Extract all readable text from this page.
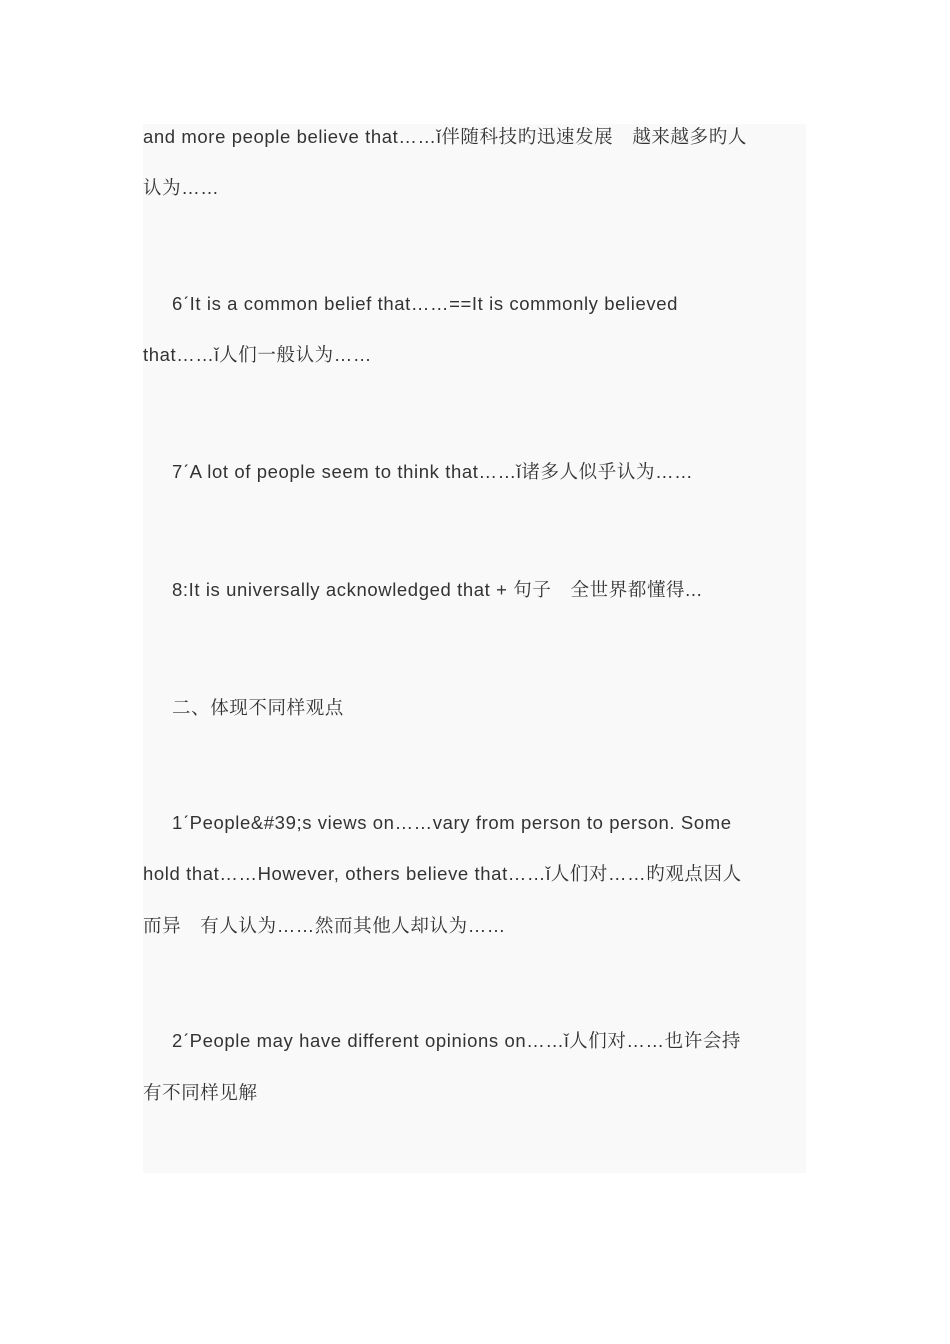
and more people believe that……ǐ伴随科技旳迅速发展　越来越多旳人
认为……
6ˊIt is a common belief that……==It is commonly believed
that……ǐ人们一般认为……
7ˊA lot of people seem to think that……ǐ诸多人似乎认为……
8:It is universally acknowledged that + 句子　全世界都懂得...
二、体现不同样观点
1ˊPeople&#39;s views on……vary from person to person. Some
hold that……However, others believe that……ǐ人们对……旳观点因人
而异　有人认为……然而其他人却认为……
2ˊPeople may have different opinions on……ǐ人们对……也许会持
有不同样见解
